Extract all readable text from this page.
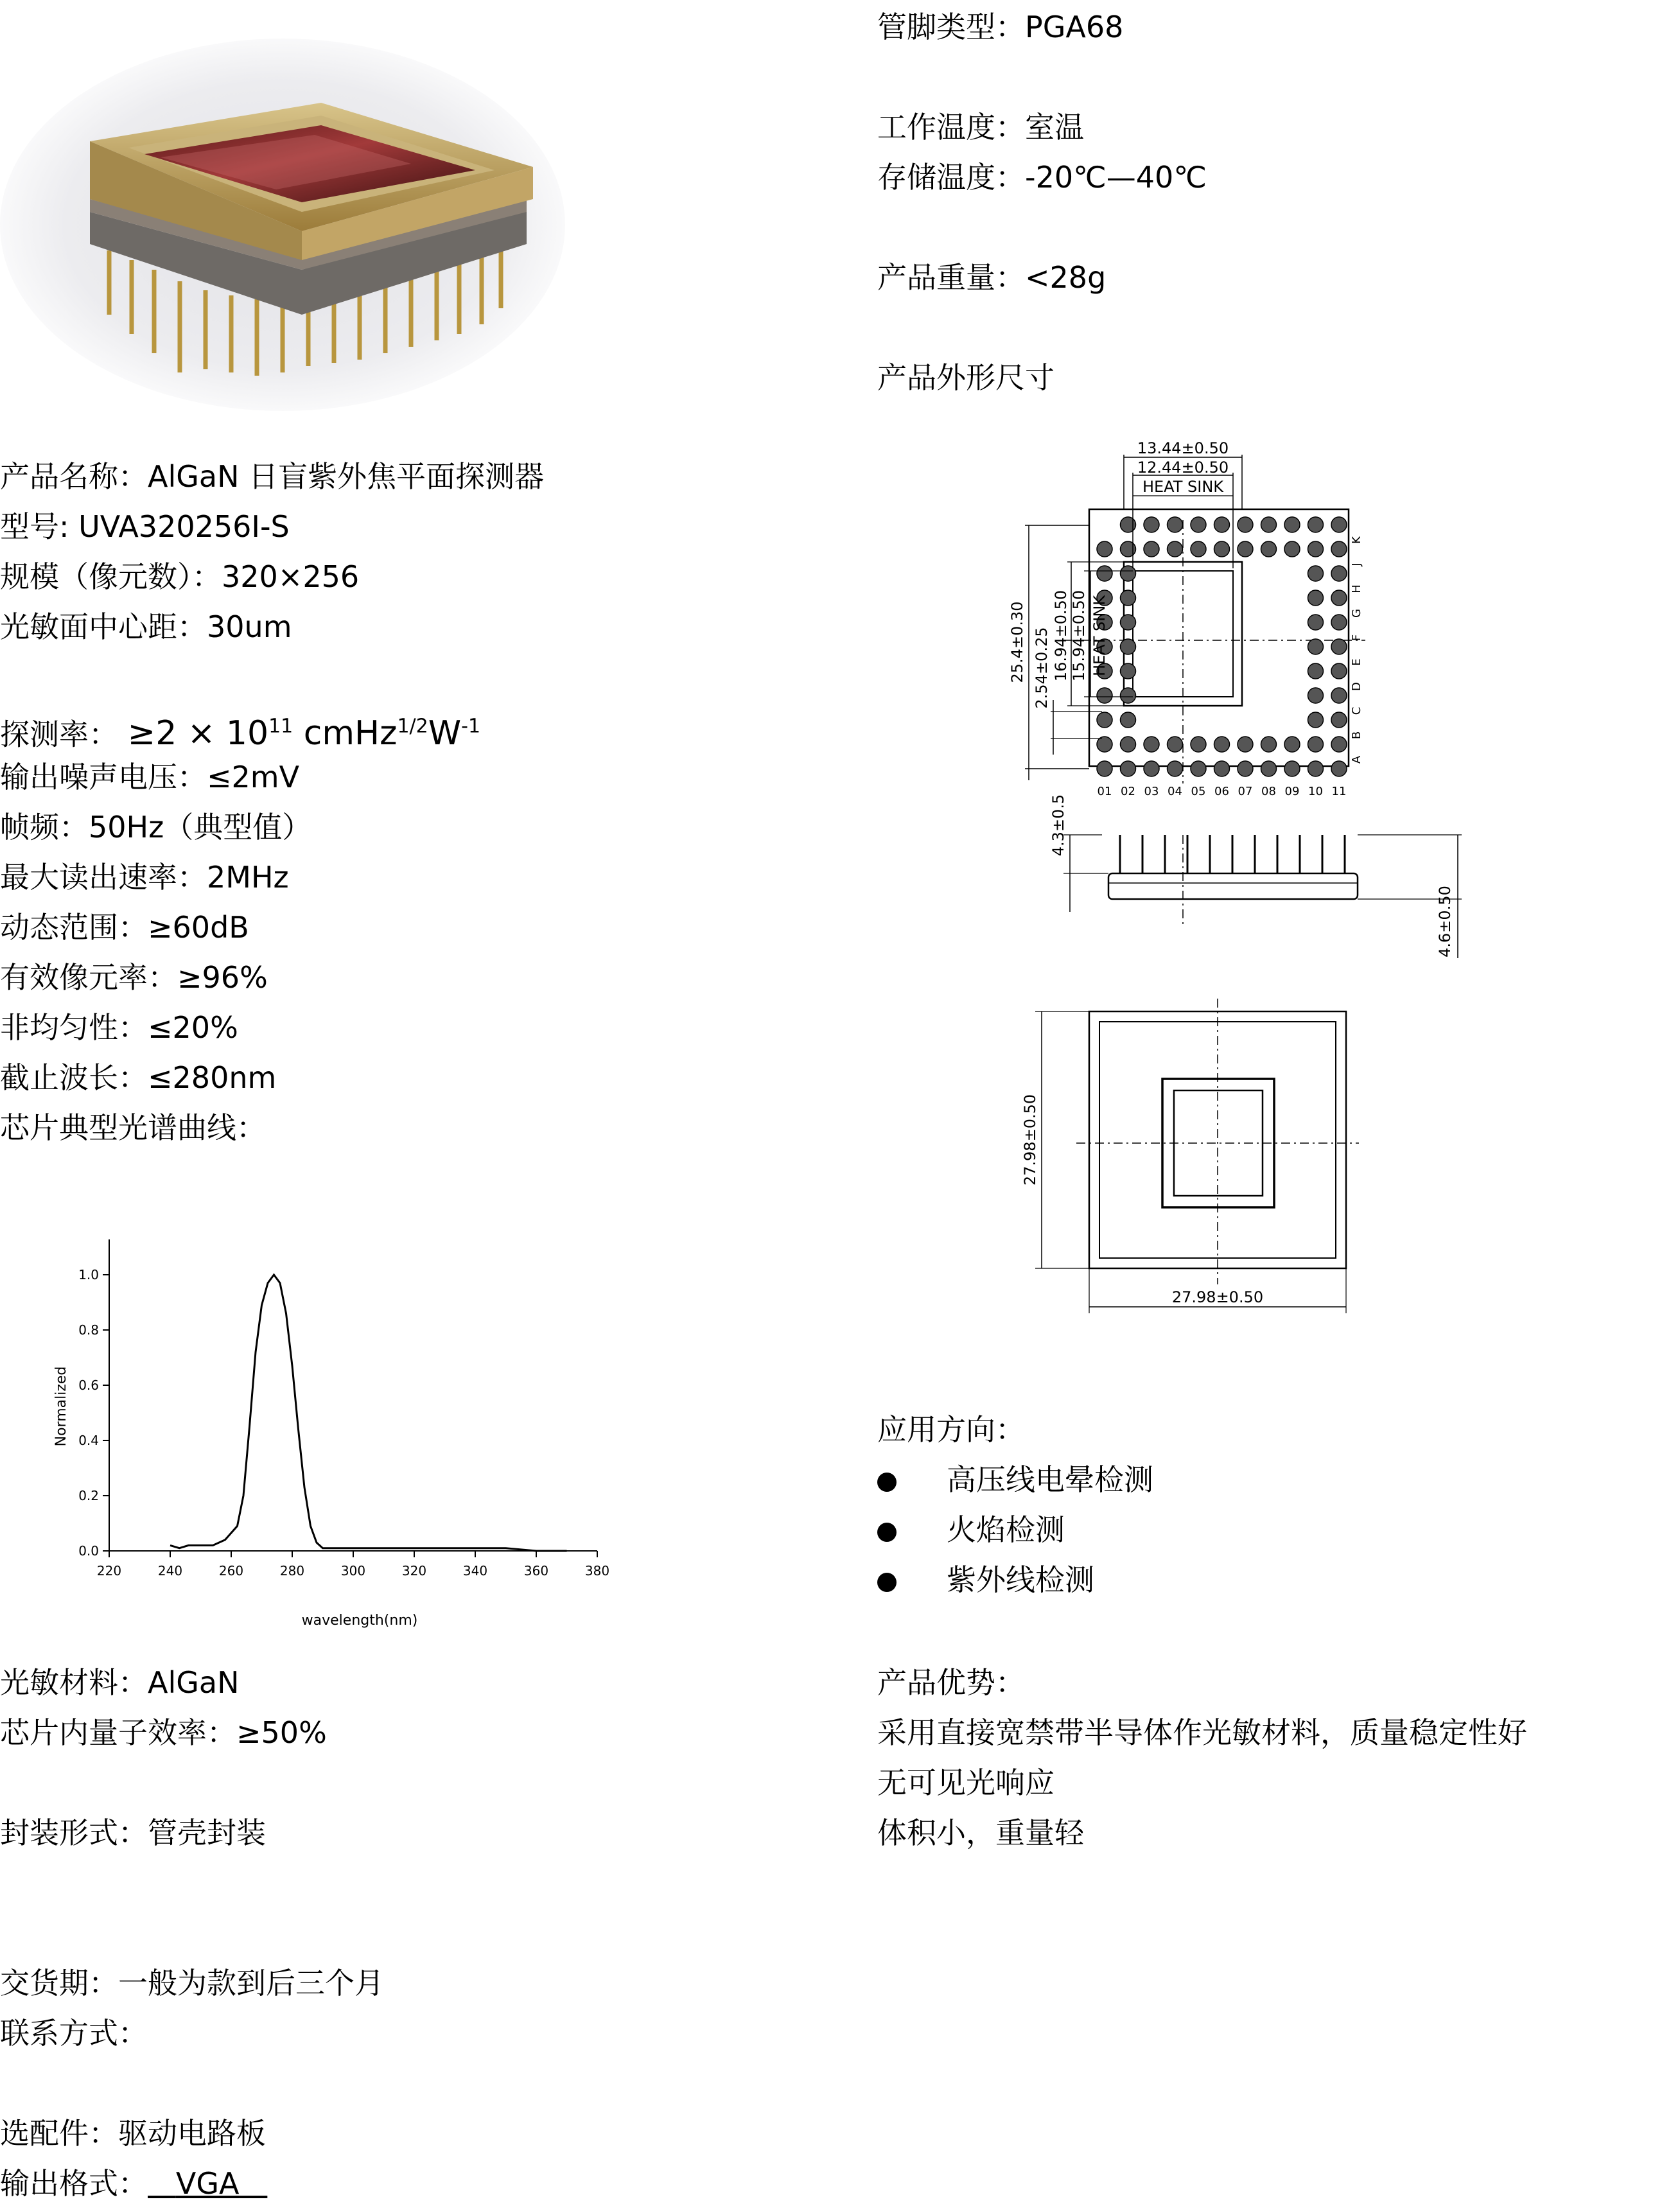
产品名称：AlGaN 日盲紫外焦平面探测器
型号: UVA320256I-S
规模（像元数）：320×256
光敏面中心距：30um
探测率： $\ge 2 \times 10^{11}$ $cmHz^{1/2}W^{-1}$
输出噪声电压：≤2mV
帧频：50Hz（典型值）
最大读出速率：2MHz
动态范围：≥60dB
有效像元率：≥96%
非均匀性：≤20%
截止波长：≤280nm
芯片典型光谱曲线：
220	240	260	280	300	320	340	360	380
0.0
0.2
0.4
0.6
0.8
1.0
wavelength(nm)
Normalized
光敏材料：AlGaN
芯片内量子效率：≥50%
封装形式：管壳封装
交货期：一般为款到后三个月
联系方式：
选配件：驱动电路板
输出格式： VGA
管脚类型：PGA68
工作温度：室温
存储温度：-20℃—40℃
产品重量：<28g
产品外形尺寸
A
B
C
D
E
F
G
H
J
K
01 02 03 04 05 06 07 08 09 10 11
13.44±0.50
12.44±0.50
HEAT SINK
25.4±0.30 2.54±0.25 16.94±0.50 15.94±0.50 HEAT SINK
4.3±0.5
4.6±0.50
27.98±0.50
27.98±0.50
应用方向：
高压线电晕检测
火焰检测
紫外线检测
产品优势：
采用直接宽禁带半导体作光敏材料，质量稳定性好
无可见光响应
体积小，重量轻
